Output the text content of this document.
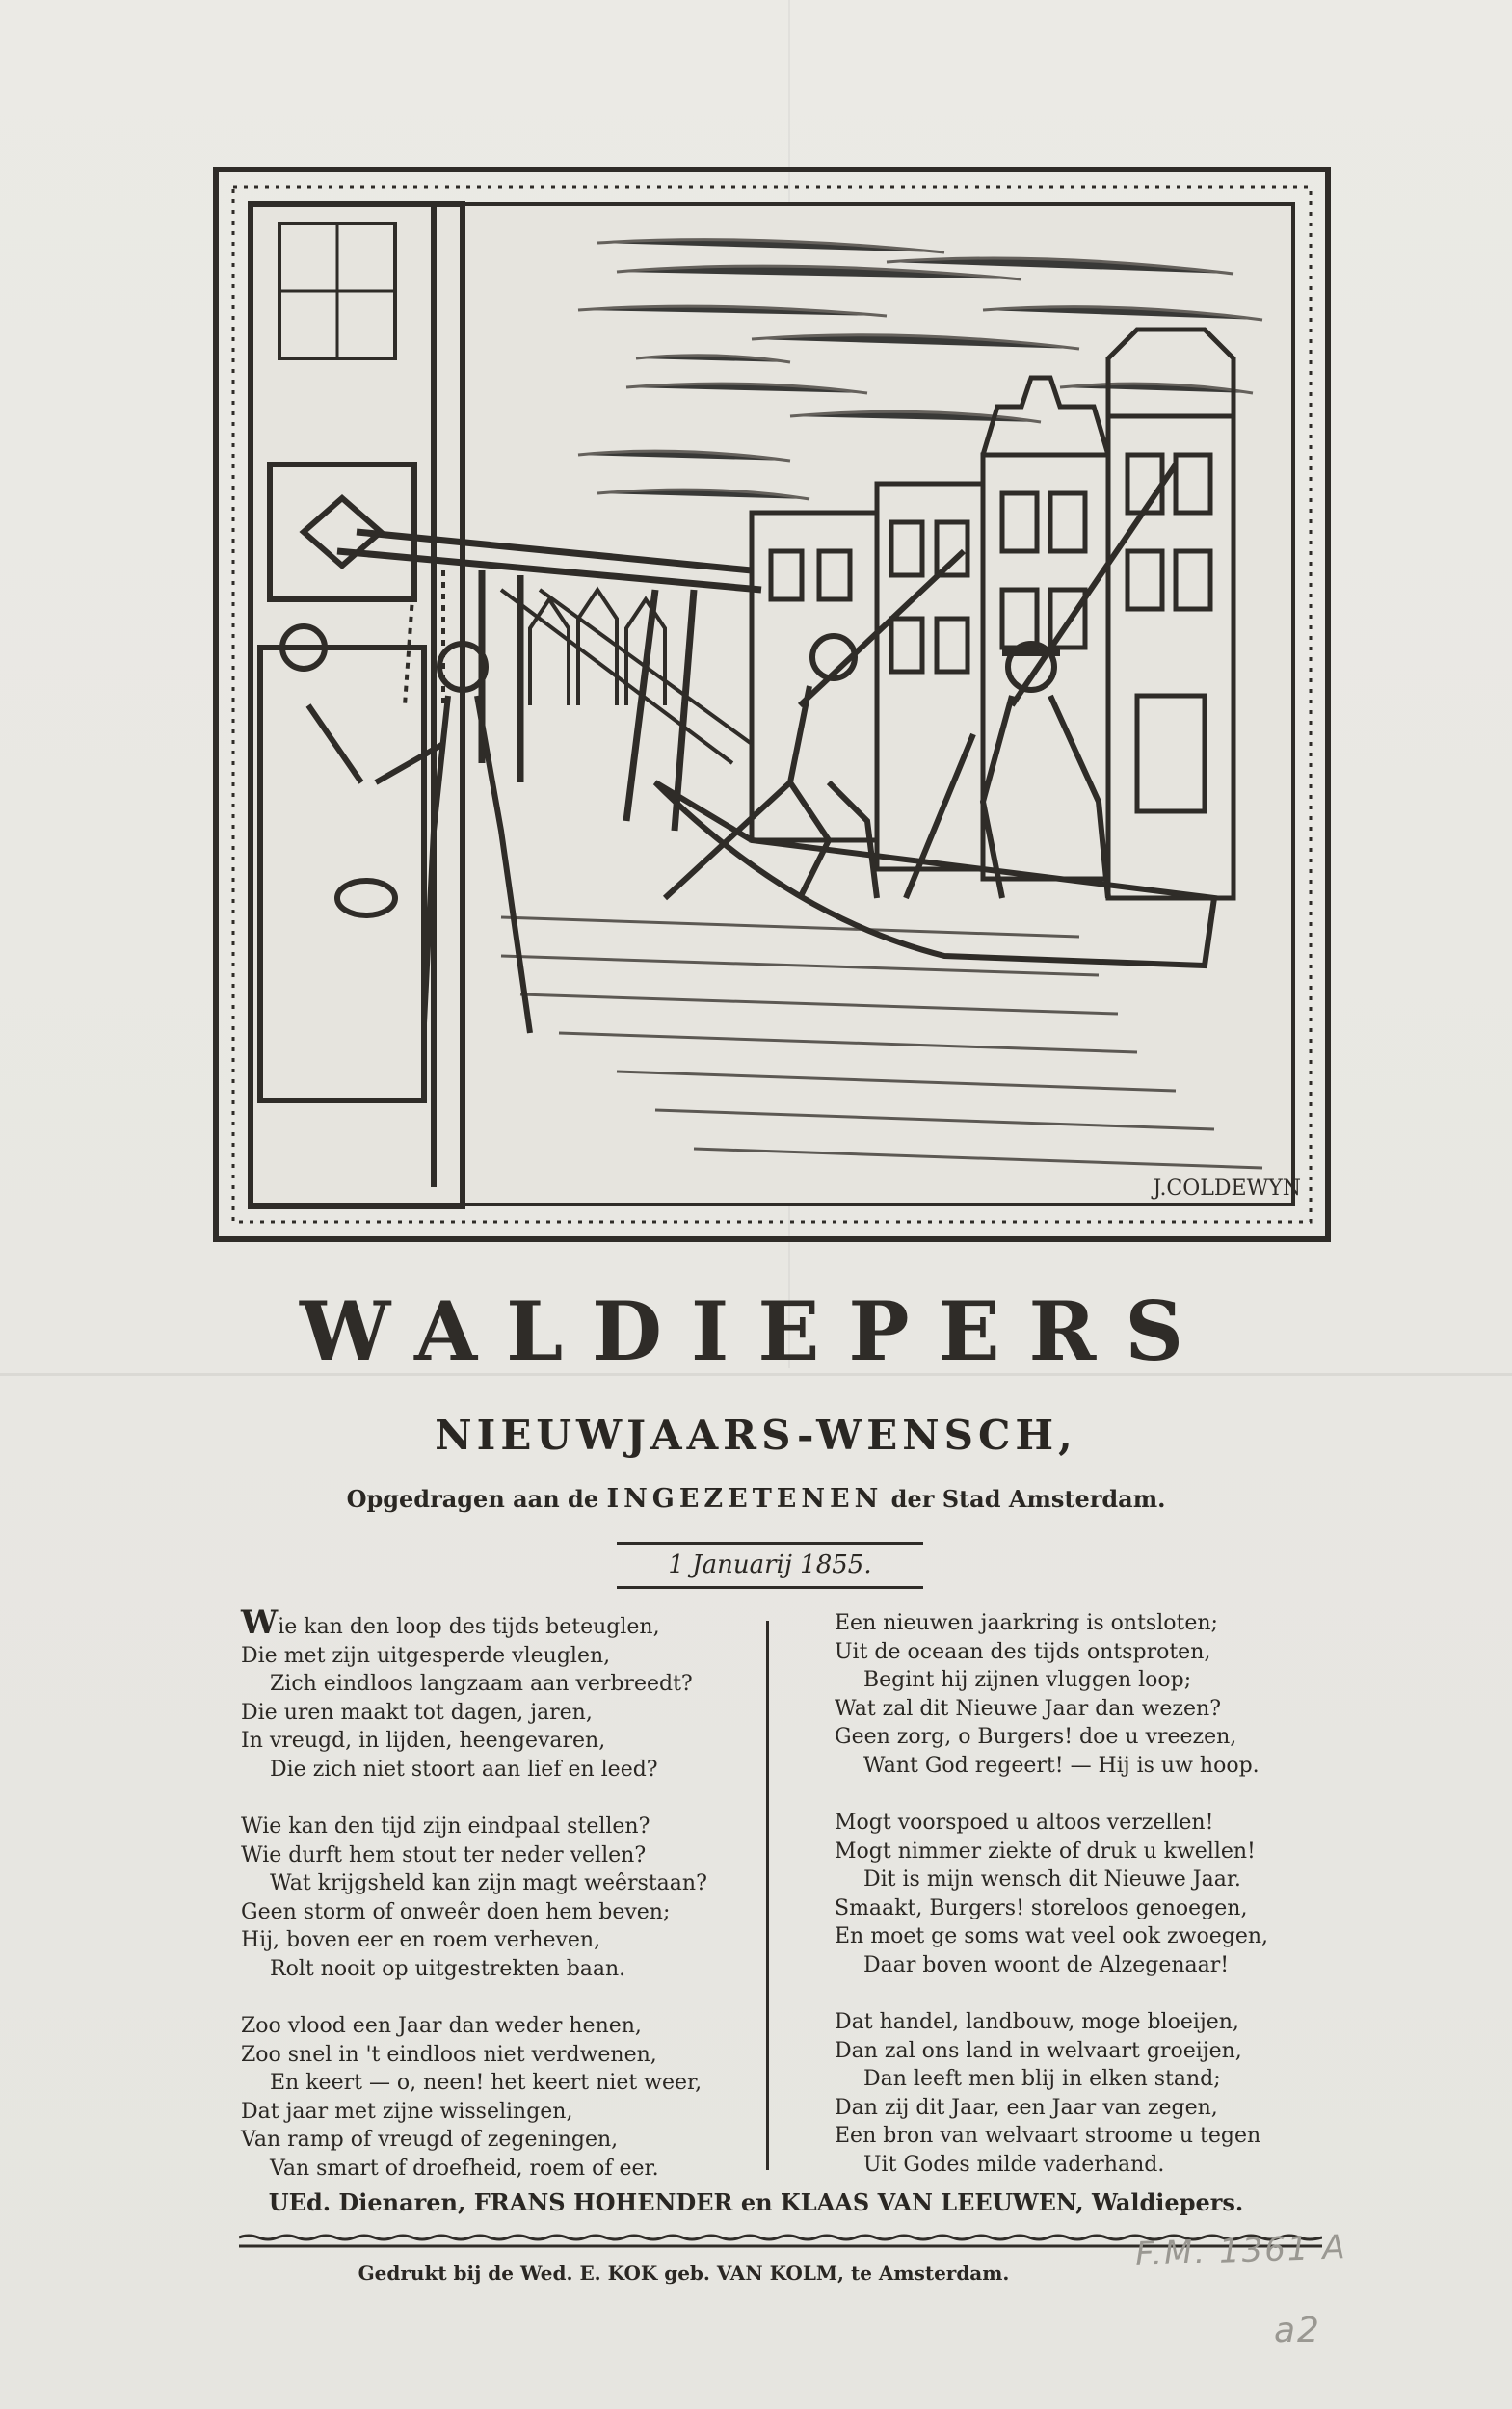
J.COLDEWYN
WALDIEPERS
NIEUWJAARS-WENSCH,
Opgedragen aan de INGEZETENEN der Stad Amsterdam.
1 Januarij 1855.
Wie kan den loop des tijds beteuglen,
Die met zijn uitgesperde vleuglen,
Zich eindloos langzaam aan verbreedt?
Die uren maakt tot dagen, jaren,
In vreugd, in lijden, heengevaren,
Die zich niet stoort aan lief en leed?
Wie kan den tijd zijn eindpaal stellen?
Wie durft hem stout ter neder vellen?
Wat krijgsheld kan zijn magt weêrstaan?
Geen storm of onweêr doen hem beven;
Hij, boven eer en roem verheven,
Rolt nooit op uitgestrekten baan.
Zoo vlood een Jaar dan weder henen,
Zoo snel in 't eindloos niet verdwenen,
En keert — o, neen! het keert niet weer,
Dat jaar met zijne wisselingen,
Van ramp of vreugd of zegeningen,
Van smart of droefheid, roem of eer.
Een nieuwen jaarkring is ontsloten;
Uit de oceaan des tijds ontsproten,
Begint hij zijnen vluggen loop;
Wat zal dit Nieuwe Jaar dan wezen?
Geen zorg, o Burgers! doe u vreezen,
Want God regeert! — Hij is uw hoop.
Mogt voorspoed u altoos verzellen!
Mogt nimmer ziekte of druk u kwellen!
Dit is mijn wensch dit Nieuwe Jaar.
Smaakt, Burgers! storeloos genoegen,
En moet ge soms wat veel ook zwoegen,
Daar boven woont de Alzegenaar!
Dat handel, landbouw, moge bloeijen,
Dan zal ons land in welvaart groeijen,
Dan leeft men blij in elken stand;
Dan zij dit Jaar, een Jaar van zegen,
Een bron van welvaart stroome u tegen
Uit Godes milde vaderhand.
UEd. Dienaren, FRANS HOHENDER en KLAAS VAN LEEUWEN, Waldiepers.
Gedrukt bij de Wed. E. KOK geb. VAN KOLM, te Amsterdam.	F.M. 1361 A
a2
